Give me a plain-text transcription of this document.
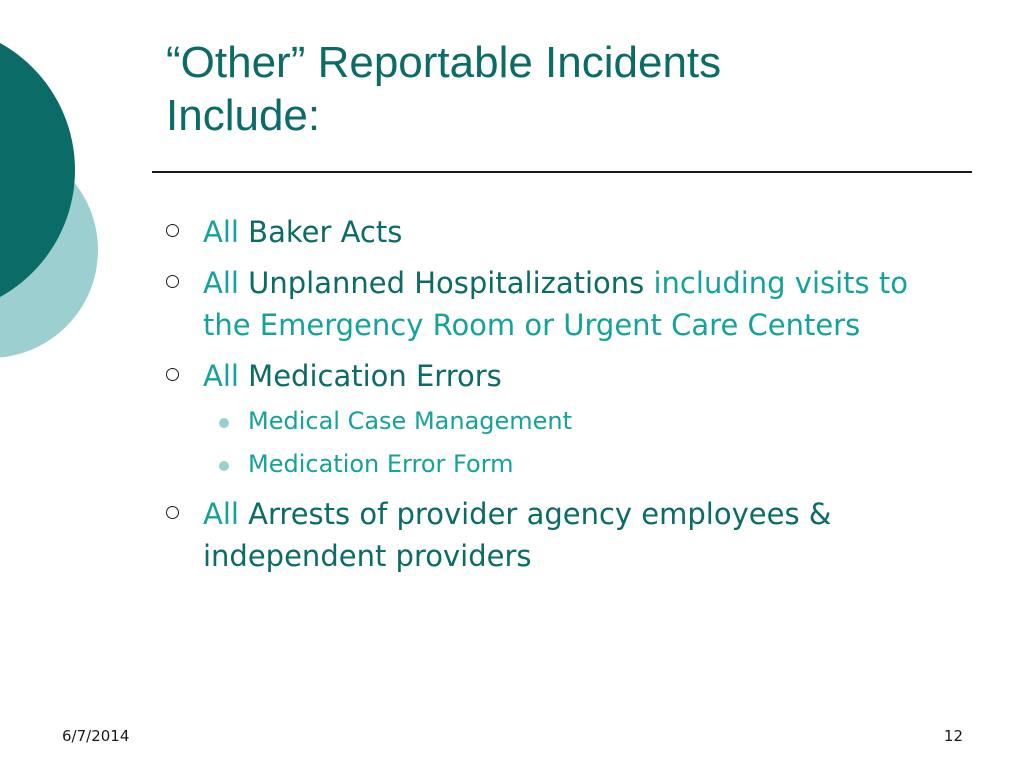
“Other” Reportable Incidents
Include:
All Baker Acts
All Unplanned Hospitalizations including visits to the Emergency Room or Urgent Care Centers
All Medication Errors
Medical Case Management
Medication Error Form
All Arrests of provider agency employees & independent providers
6/7/2014	12
